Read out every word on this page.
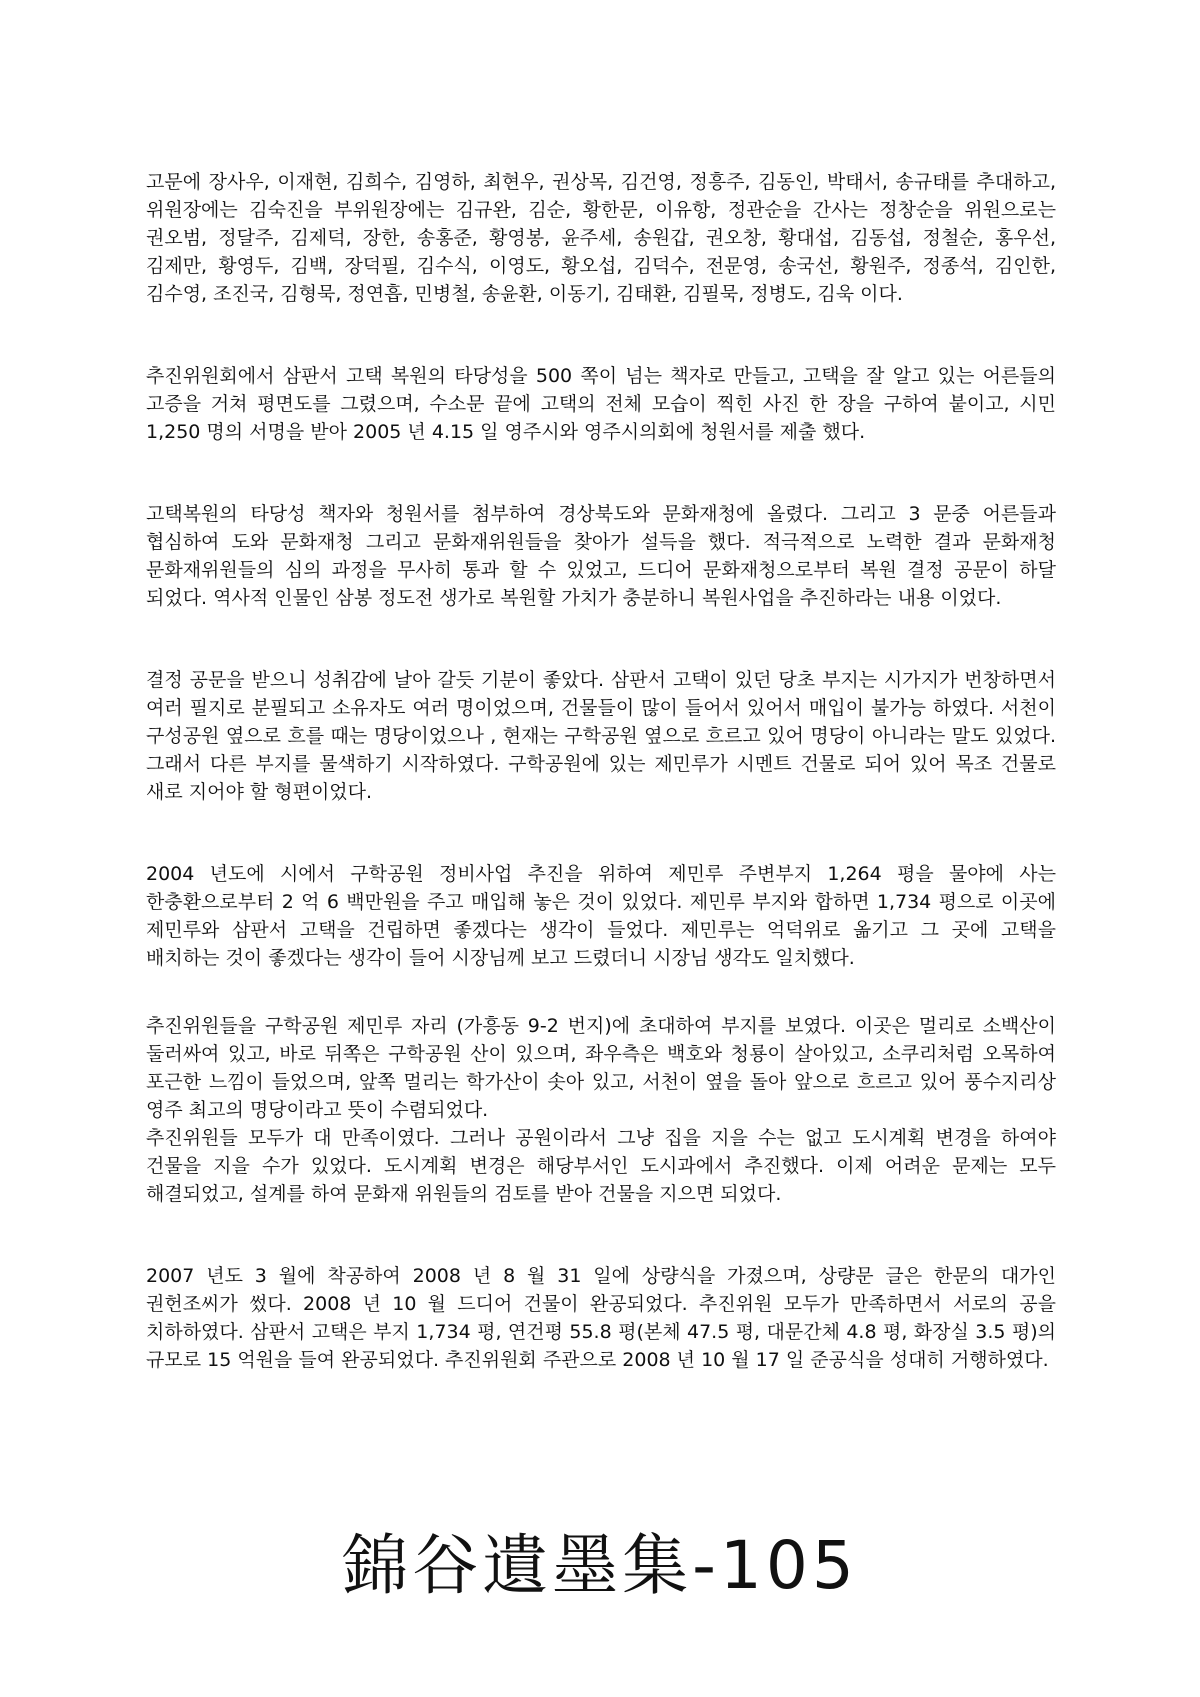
고문에 장사우, 이재현, 김희수, 김영하, 최현우, 권상목, 김건영, 정흥주, 김동인, 박태서, 송규태를 추대하고, 위원장에는 김숙진을 부위원장에는 김규완, 김순, 황한문, 이유항, 정관순을 간사는 정창순을 위원으로는 권오범, 정달주, 김제덕, 장한, 송홍준, 황영봉, 윤주세, 송원갑, 권오창, 황대섭, 김동섭, 정철순, 홍우선, 김제만, 황영두, 김백, 장덕필, 김수식, 이영도, 황오섭, 김덕수, 전문영, 송국선, 황원주, 정종석, 김인한, 김수영, 조진국, 김형묵, 정연흡, 민병철, 송윤환, 이동기, 김태환, 김필묵, 정병도, 김욱 이다.

추진위원회에서 삼판서 고택 복원의 타당성을 500 쪽이 넘는 책자로 만들고, 고택을 잘 알고 있는 어른들의 고증을 거쳐 평면도를 그렸으며, 수소문 끝에 고택의 전체 모습이 찍힌 사진 한 장을 구하여 붙이고, 시민 1,250 명의 서명을 받아 2005 년 4.15 일 영주시와 영주시의회에 청원서를 제출 했다.

고택복원의 타당성 책자와 청원서를 첨부하여 경상북도와 문화재청에 올렸다. 그리고 3 문중 어른들과 협심하여 도와 문화재청 그리고 문화재위원들을 찾아가 설득을 했다. 적극적으로 노력한 결과 문화재청 문화재위원들의 심의 과정을 무사히 통과 할 수 있었고, 드디어 문화재청으로부터 복원 결정 공문이 하달 되었다. 역사적 인물인 삼봉 정도전 생가로 복원할 가치가 충분하니 복원사업을 추진하라는 내용 이었다.

결정 공문을 받으니 성취감에 날아 갈듯 기분이 좋았다. 삼판서 고택이 있던 당초 부지는 시가지가 번창하면서 여러 필지로 분필되고 소유자도 여러 명이었으며, 건물들이 많이 들어서 있어서 매입이 불가능 하였다. 서천이 구성공원 옆으로 흐를 때는 명당이었으나 , 현재는 구학공원 옆으로 흐르고 있어 명당이 아니라는 말도 있었다. 그래서 다른 부지를 물색하기 시작하였다. 구학공원에 있는 제민루가 시멘트 건물로 되어 있어 목조 건물로 새로 지어야 할 형편이었다.

2004 년도에 시에서 구학공원 정비사업 추진을 위하여 제민루 주변부지 1,264 평을 물야에 사는 한충환으로부터 2 억 6 백만원을 주고 매입해 놓은 것이 있었다. 제민루 부지와 합하면 1,734 평으로 이곳에 제민루와 삼판서 고택을 건립하면 좋겠다는 생각이 들었다. 제민루는 억덕위로 옮기고 그 곳에 고택을 배치하는 것이 좋겠다는 생각이 들어 시장님께 보고 드렸더니 시장님 생각도 일치했다.

추진위원들을 구학공원 제민루 자리 (가흥동 9-2 번지)에 초대하여 부지를 보였다. 이곳은 멀리로 소백산이 둘러싸여 있고, 바로 뒤쪽은 구학공원 산이 있으며, 좌우측은 백호와 청룡이 살아있고, 소쿠리처럼 오목하여 포근한 느낌이 들었으며, 앞쪽 멀리는 학가산이 솟아 있고, 서천이 옆을 돌아 앞으로 흐르고 있어 풍수지리상 영주 최고의 명당이라고 뜻이 수렴되었다.

추진위원들 모두가 대 만족이였다. 그러나 공원이라서 그냥 집을 지을 수는 없고 도시계획 변경을 하여야 건물을 지을 수가 있었다. 도시계획 변경은 해당부서인 도시과에서 추진했다. 이제 어려운 문제는 모두 해결되었고, 설계를 하여 문화재 위원들의 검토를 받아 건물을 지으면 되었다.

2007 년도 3 월에 착공하여 2008 년 8 월 31 일에 상량식을 가졌으며, 상량문 글은 한문의 대가인 권헌조씨가 썼다. 2008 년 10 월 드디어 건물이 완공되었다. 추진위원 모두가 만족하면서 서로의 공을 치하하였다. 삼판서 고택은 부지 1,734 평, 연건평 55.8 평(본체 47.5 평, 대문간체 4.8 평, 화장실 3.5 평)의 규모로 15 억원을 들여 완공되었다. 추진위원회 주관으로 2008 년 10 월 17 일 준공식을 성대히 거행하였다.

錦谷遺墨集-105
